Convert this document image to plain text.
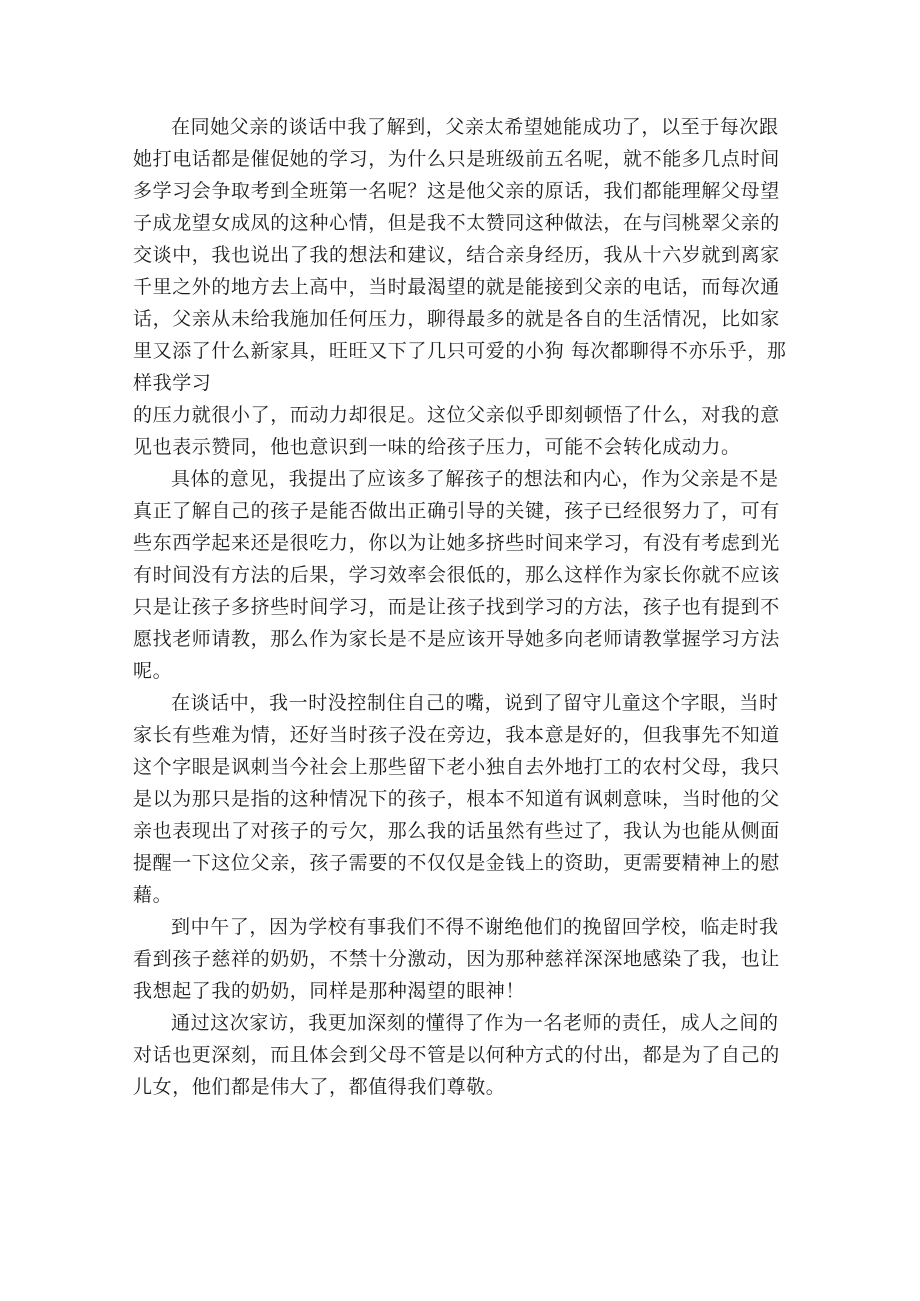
在同她父亲的谈话中我了解到，父亲太希望她能成功了，以至于每次跟
她打电话都是催促她的学习，为什么只是班级前五名呢，就不能多几点时间
多学习会争取考到全班第一名呢？这是他父亲的原话，我们都能理解父母望
子成龙望女成凤的这种心情，但是我不太赞同这种做法，在与闫桃翠父亲的
交谈中，我也说出了我的想法和建议，结合亲身经历，我从十六岁就到离家
千里之外的地方去上高中，当时最渴望的就是能接到父亲的电话，而每次通
话，父亲从未给我施加任何压力，聊得最多的就是各自的生活情况，比如家
里又添了什么新家具，旺旺又下了几只可爱的小狗 每次都聊得不亦乐乎，那
样我学习
的压力就很小了，而动力却很足。这位父亲似乎即刻顿悟了什么，对我的意
见也表示赞同，他也意识到一味的给孩子压力，可能不会转化成动力。
具体的意见，我提出了应该多了解孩子的想法和内心，作为父亲是不是
真正了解自己的孩子是能否做出正确引导的关键，孩子已经很努力了，可有
些东西学起来还是很吃力，你以为让她多挤些时间来学习，有没有考虑到光
有时间没有方法的后果，学习效率会很低的，那么这样作为家长你就不应该
只是让孩子多挤些时间学习，而是让孩子找到学习的方法，孩子也有提到不
愿找老师请教，那么作为家长是不是应该开导她多向老师请教掌握学习方法
呢。
在谈话中，我一时没控制住自己的嘴，说到了留守儿童这个字眼，当时
家长有些难为情，还好当时孩子没在旁边，我本意是好的，但我事先不知道
这个字眼是讽刺当今社会上那些留下老小独自去外地打工的农村父母，我只
是以为那只是指的这种情况下的孩子，根本不知道有讽刺意味，当时他的父
亲也表现出了对孩子的亏欠，那么我的话虽然有些过了，我认为也能从侧面
提醒一下这位父亲，孩子需要的不仅仅是金钱上的资助，更需要精神上的慰
藉。
到中午了，因为学校有事我们不得不谢绝他们的挽留回学校，临走时我
看到孩子慈祥的奶奶，不禁十分激动，因为那种慈祥深深地感染了我，也让
我想起了我的奶奶，同样是那种渴望的眼神！
通过这次家访，我更加深刻的懂得了作为一名老师的责任，成人之间的
对话也更深刻，而且体会到父母不管是以何种方式的付出，都是为了自己的
儿女，他们都是伟大了，都值得我们尊敬。
